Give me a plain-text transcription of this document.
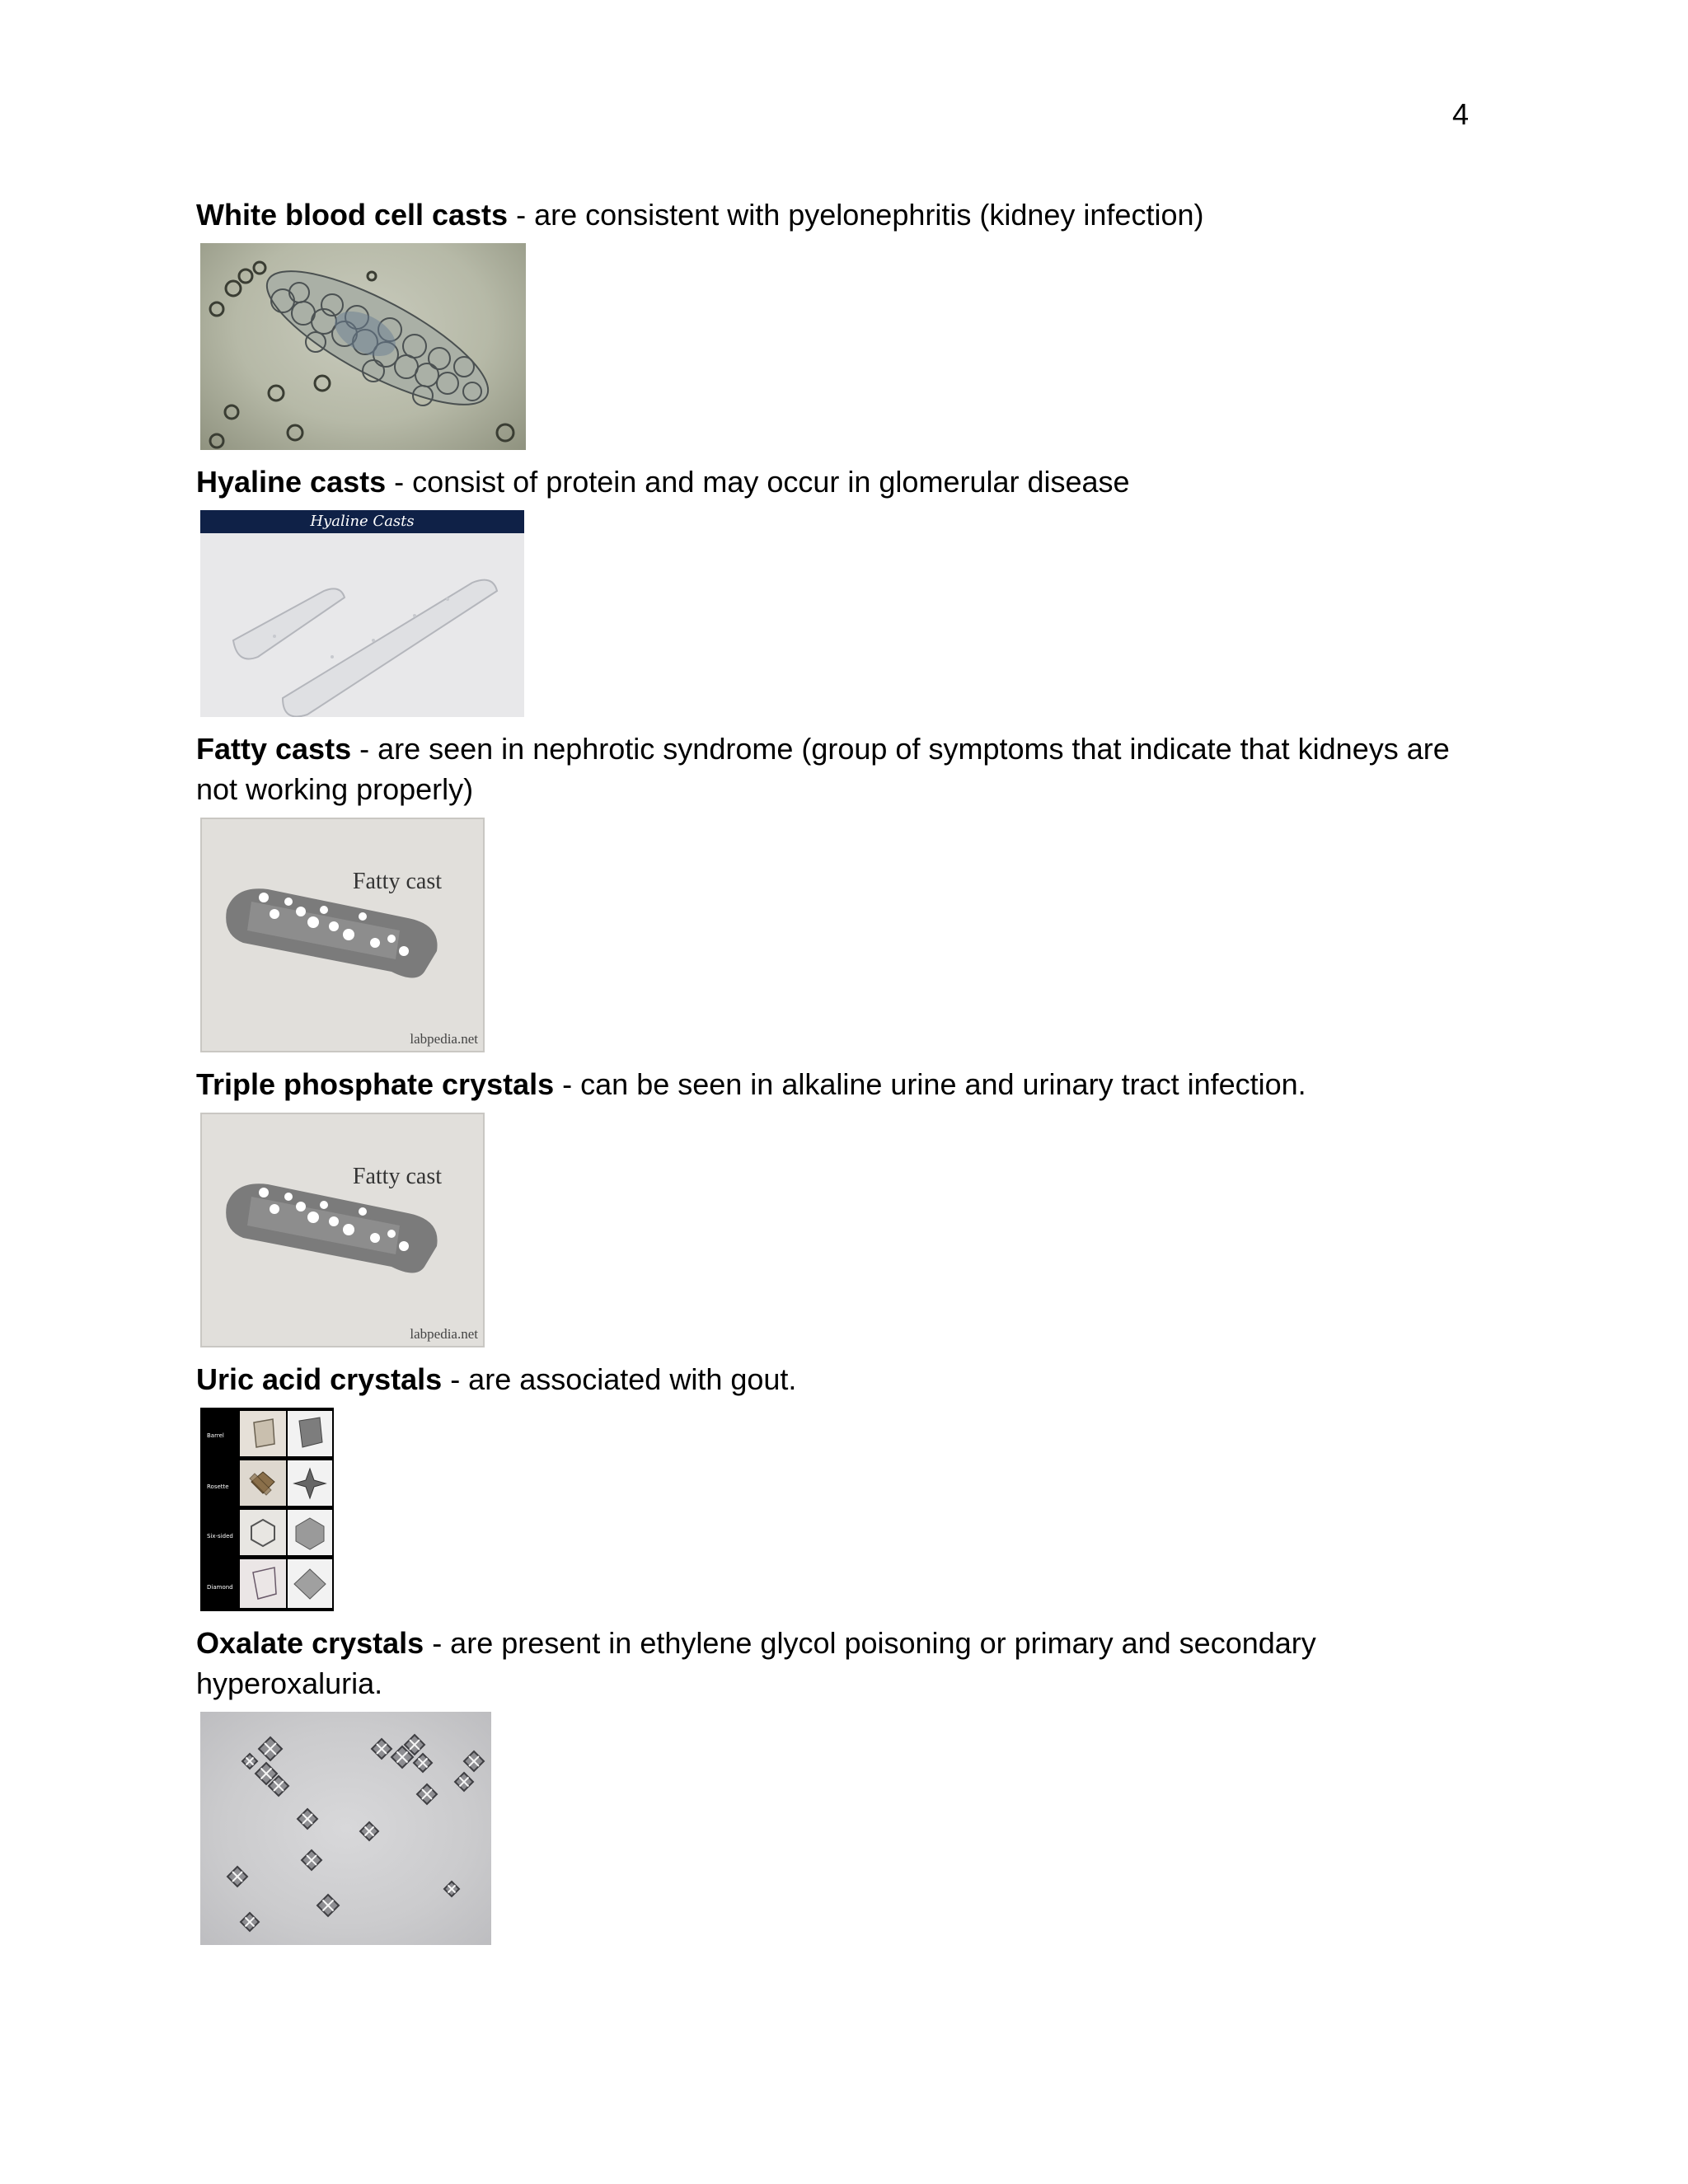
4

White blood cell casts - are consistent with pyelonephritis (kidney infection)

Hyaline casts - consist of protein and may occur in glomerular disease

Hyaline Casts

Fatty casts - are seen in nephrotic syndrome (group of symptoms that indicate that kidneys are not working properly)

Fatty cast
labpedia.net

Triple phosphate crystals - can be seen in alkaline urine and urinary tract infection.

Fatty cast
labpedia.net

Uric acid crystals - are associated with gout.

Barrel
Rosette
Six-sided
Diamond

Oxalate crystals - are present in ethylene glycol poisoning or primary and secondary hyperoxaluria.
